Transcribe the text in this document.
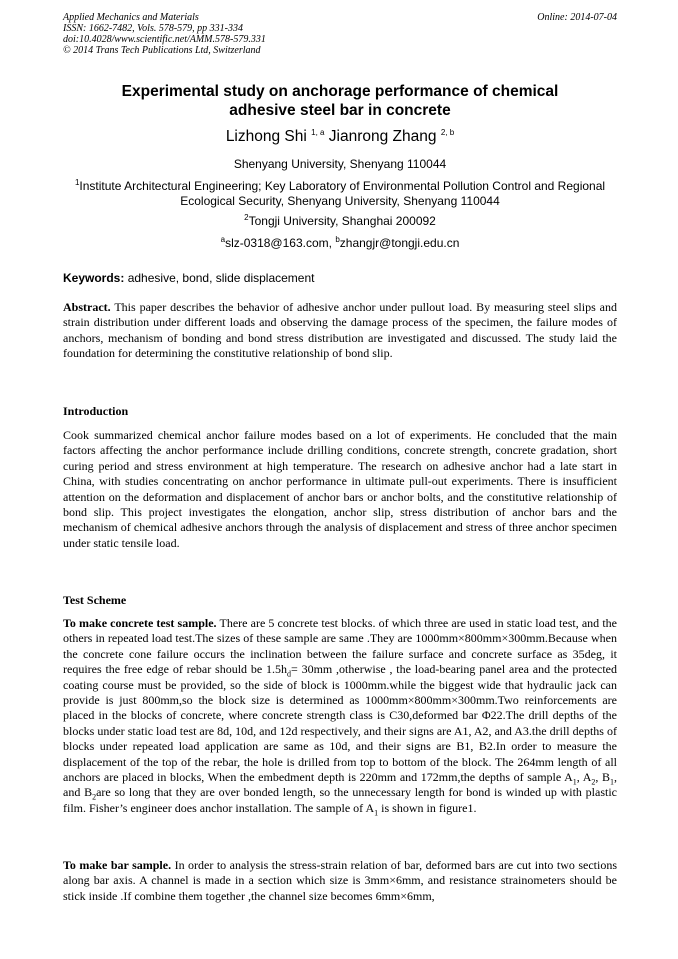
Applied Mechanics and Materials
ISSN: 1662-7482, Vols. 578-579, pp 331-334
doi:10.4028/www.scientific.net/AMM.578-579.331
© 2014 Trans Tech Publications Ltd, Switzerland
Online: 2014-07-04
Experimental study on anchorage performance of chemical
adhesive steel bar in concrete
Lizhong Shi $^{1, a}$ Jianrong Zhang $^{2, b}$
Shenyang University, Shenyang 110044
$^1$Institute Architectural Engineering; Key Laboratory of Environmental Pollution Control and Regional
Ecological Security, Shenyang University, Shenyang 110044
$^2$Tongji University, Shanghai 200092
$^a$slz-0318@163.com, $^b$zhangjr@tongji.edu.cn
Keywords: adhesive, bond, slide displacement
Abstract. This paper describes the behavior of adhesive anchor under pullout load. By measuring steel slips and strain distribution under different loads and observing the damage process of the specimen, the failure modes of anchors, mechanism of bonding and bond stress distribution are investigated and discussed. The study laid the foundation for determining the constitutive relationship of bond slip.
Introduction
Cook summarized chemical anchor failure modes based on a lot of experiments. He concluded that the main factors affecting the anchor performance include drilling conditions, concrete strength, concrete gradation, short curing period and stress environment at high temperature. The research on adhesive anchor had a late start in China, with studies concentrating on anchor performance in ultimate pull-out experiments. There is insufficient attention on the deformation and displacement of anchor bars or anchor bolts, and the constitutive relationship of bond slip. This project investigates the elongation, anchor slip, stress distribution of anchor bars and the mechanism of chemical adhesive anchors through the analysis of displacement and stress of three anchor specimen under static tensile load.
Test Scheme
To make concrete test sample. There are 5 concrete test blocks. of which three are used in static load test, and the others in repeated load test.The sizes of these sample are same .They are 1000mm×800mm×300mm.Because when the concrete cone failure occurs the inclination between the failure surface and concrete surface as 35deg, it requires the free edge of rebar should be $1.5h_d= 30mm$ ,otherwise , the load-bearing panel area and the protected coating course must be provided, so the side of block is 1000mm.while the biggest wide that hydraulic jack can provide is just 800mm,so the block size is determined as 1000mm×800mm×300mm.Two reinforcements are placed in the blocks of concrete, where concrete strength class is C30,deformed bar Φ22.The drill depths of the blocks under static load test are 8d, 10d, and 12d respectively, and their signs are A1, A2, and A3.the drill depths of blocks under repeated load application are same as 10d, and their signs are B1, B2.In order to measure the displacement of the top of the rebar, the hole is drilled from top to bottom of the block. The 264mm length of all anchors are placed in blocks, When the embedment depth is 220mm and 172mm,the depths of sample $A_1$, $A_2$, $B_1$, and $B_2are$ so long that they are over bonded length, so the unnecessary length for bond is winded up with plastic film. Fisher’s engineer does anchor installation. The sample of $A_1$ is shown in figure1.
To make bar sample. In order to analysis the stress-strain relation of bar, deformed bars are cut into two sections along bar axis. A channel is made in a section which size is 3mm×6mm, and resistance strainometers should be stick inside .If combine them together ,the channel size becomes 6mm×6mm,
